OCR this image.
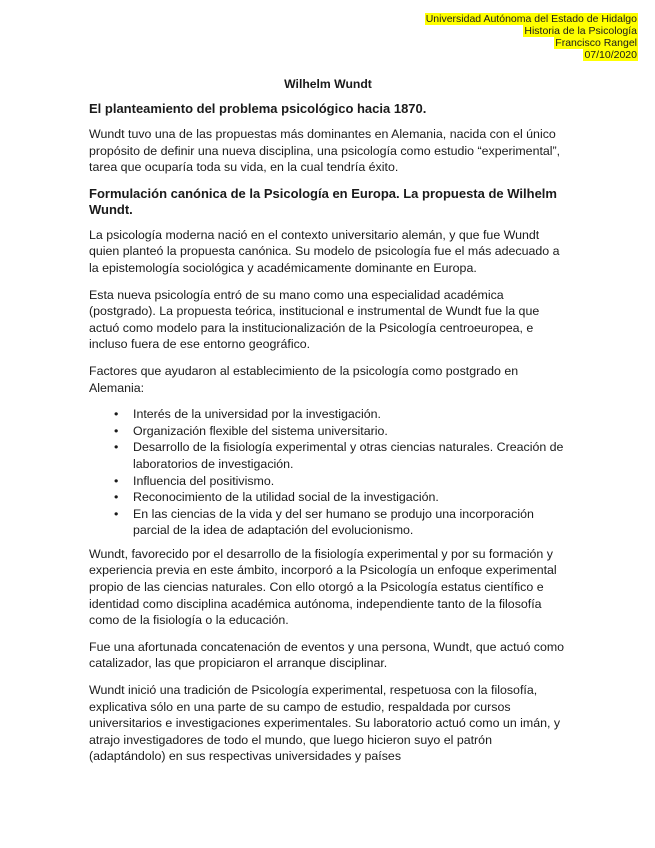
Universidad Autónoma del Estado de Hidalgo
Historia de la Psicología
Francisco Rangel
07/10/2020
Wilhelm Wundt
El planteamiento del problema psicológico hacia 1870.

Wundt tuvo una de las propuestas más dominantes en Alemania, nacida con el único propósito de definir una nueva disciplina, una psicología como estudio “experimental”, tarea que ocuparía toda su vida, en la cual tendría éxito.

Formulación canónica de la Psicología en Europa. La propuesta de Wilhelm Wundt.

La psicología moderna nació en el contexto universitario alemán, y que fue Wundt quien planteó la propuesta canónica. Su modelo de psicología fue el más adecuado a la epistemología sociológica y académicamente dominante en Europa.

Esta nueva psicología entró de su mano como una especialidad académica (postgrado). La propuesta teórica, institucional e instrumental de Wundt fue la que actuó como modelo para la institucionalización de la Psicología centroeuropea, e incluso fuera de ese entorno geográfico.

Factores que ayudaron al establecimiento de la psicología como postgrado en Alemania:

• Interés de la universidad por la investigación.
• Organización flexible del sistema universitario.
• Desarrollo de la fisiología experimental y otras ciencias naturales. Creación de laboratorios de investigación.
• Influencia del positivismo.
• Reconocimiento de la utilidad social de la investigación.
• En las ciencias de la vida y del ser humano se produjo una incorporación parcial de la idea de adaptación del evolucionismo.

Wundt, favorecido por el desarrollo de la fisiología experimental y por su formación y experiencia previa en este ámbito, incorporó a la Psicología un enfoque experimental propio de las ciencias naturales. Con ello otorgó a la Psicología estatus científico e identidad como disciplina académica autónoma, independiente tanto de la filosofía como de la fisiología o la educación.

Fue una afortunada concatenación de eventos y una persona, Wundt, que actuó como catalizador, las que propiciaron el arranque disciplinar.

Wundt inició una tradición de Psicología experimental, respetuosa con la filosofía, explicativa sólo en una parte de su campo de estudio, respaldada por cursos universitarios e investigaciones experimentales. Su laboratorio actuó como un imán, y atrajo investigadores de todo el mundo, que luego hicieron suyo el patrón (adaptándolo) en sus respectivas universidades y países
